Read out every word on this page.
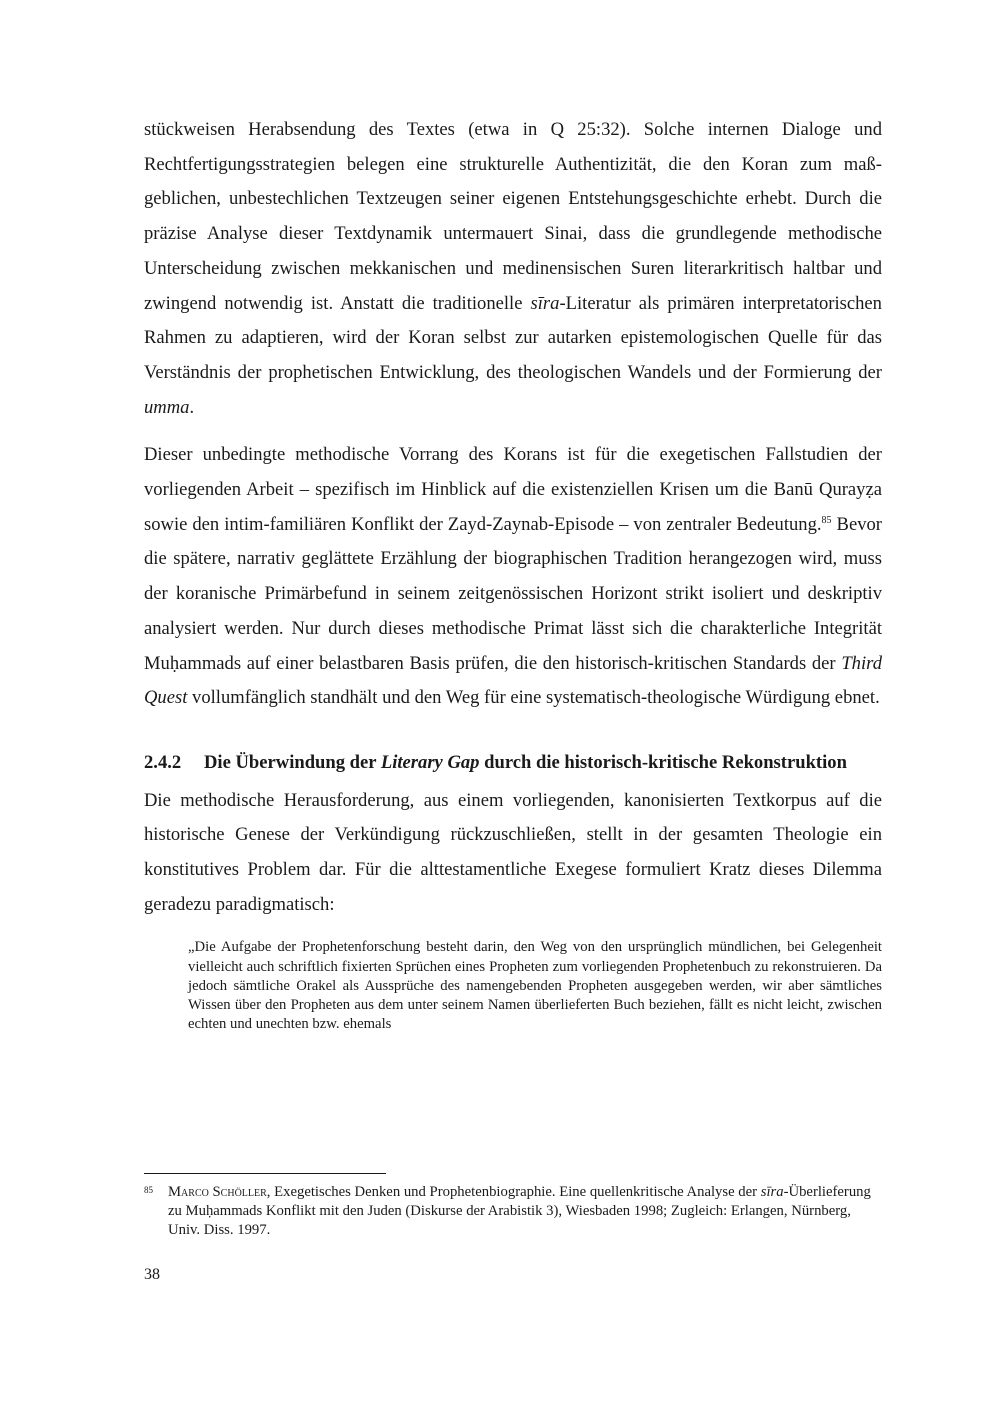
stückweisen Herabsendung des Textes (etwa in Q 25:32). Solche internen Dialoge und Rechtfertigungsstrategien belegen eine strukturelle Authentizität, die den Koran zum maßgeblichen, unbestechlichen Textzeugen seiner eigenen Entstehungsgeschichte erhebt. Durch die präzise Analyse dieser Textdynamik untermauert Sinai, dass die grundlegende methodische Unterscheidung zwischen mekkanischen und medinensischen Suren literarkritisch haltbar und zwingend notwendig ist. Anstatt die traditionelle sīra-Literatur als primären interpretatorischen Rahmen zu adaptieren, wird der Koran selbst zur autarken epistemologischen Quelle für das Verständnis der prophetischen Entwicklung, des theologischen Wandels und der Formierung der umma.

Dieser unbedingte methodische Vorrang des Korans ist für die exegetischen Fallstudien der vorliegenden Arbeit – spezifisch im Hinblick auf die existenziellen Krisen um die Banū Qurayẓa sowie den intim-familiären Konflikt der Zayd-Zaynab-Episode – von zentraler Bedeutung.$^{85}$ Bevor die spätere, narrativ geglättete Erzählung der biographischen Tradition herangezogen wird, muss der koranische Primärbefund in seinem zeitgenössischen Horizont strikt isoliert und deskriptiv analysiert werden. Nur durch dieses methodische Primat lässt sich die charakterliche Integrität Muḥammads auf einer belastbaren Basis prüfen, die den historisch-kritischen Standards der Third Quest vollumfänglich standhält und den Weg für eine systematisch-theologische Würdigung ebnet.

2.4.2	Die Überwindung der Literary Gap durch die historisch-kritische Rekonstruktion

Die methodische Herausforderung, aus einem vorliegenden, kanonisierten Textkorpus auf die historische Genese der Verkündigung rückzuschließen, stellt in der gesamten Theologie ein konstitutives Problem dar. Für die alttestamentliche Exegese formuliert Kratz dieses Dilemma geradezu paradigmatisch:

„Die Aufgabe der Prophetenforschung besteht darin, den Weg von den ursprünglich mündlichen, bei Gelegenheit vielleicht auch schriftlich fixierten Sprüchen eines Propheten zum vorliegenden Prophetenbuch zu rekonstruieren. Da jedoch sämtliche Orakel als Aussprüche des namengebenden Propheten ausgegeben werden, wir aber sämtliches Wissen über den Propheten aus dem unter seinem Namen überlieferten Buch beziehen, fällt es nicht leicht, zwischen echten und unechten bzw. ehemals

85	Marco Schöller, Exegetisches Denken und Prophetenbiographie. Eine quellenkritische Analyse der sīra-Überlieferung zu Muḥammads Konflikt mit den Juden (Diskurse der Arabistik 3), Wiesbaden 1998; Zugleich: Erlangen, Nürnberg, Univ. Diss. 1997.
38
